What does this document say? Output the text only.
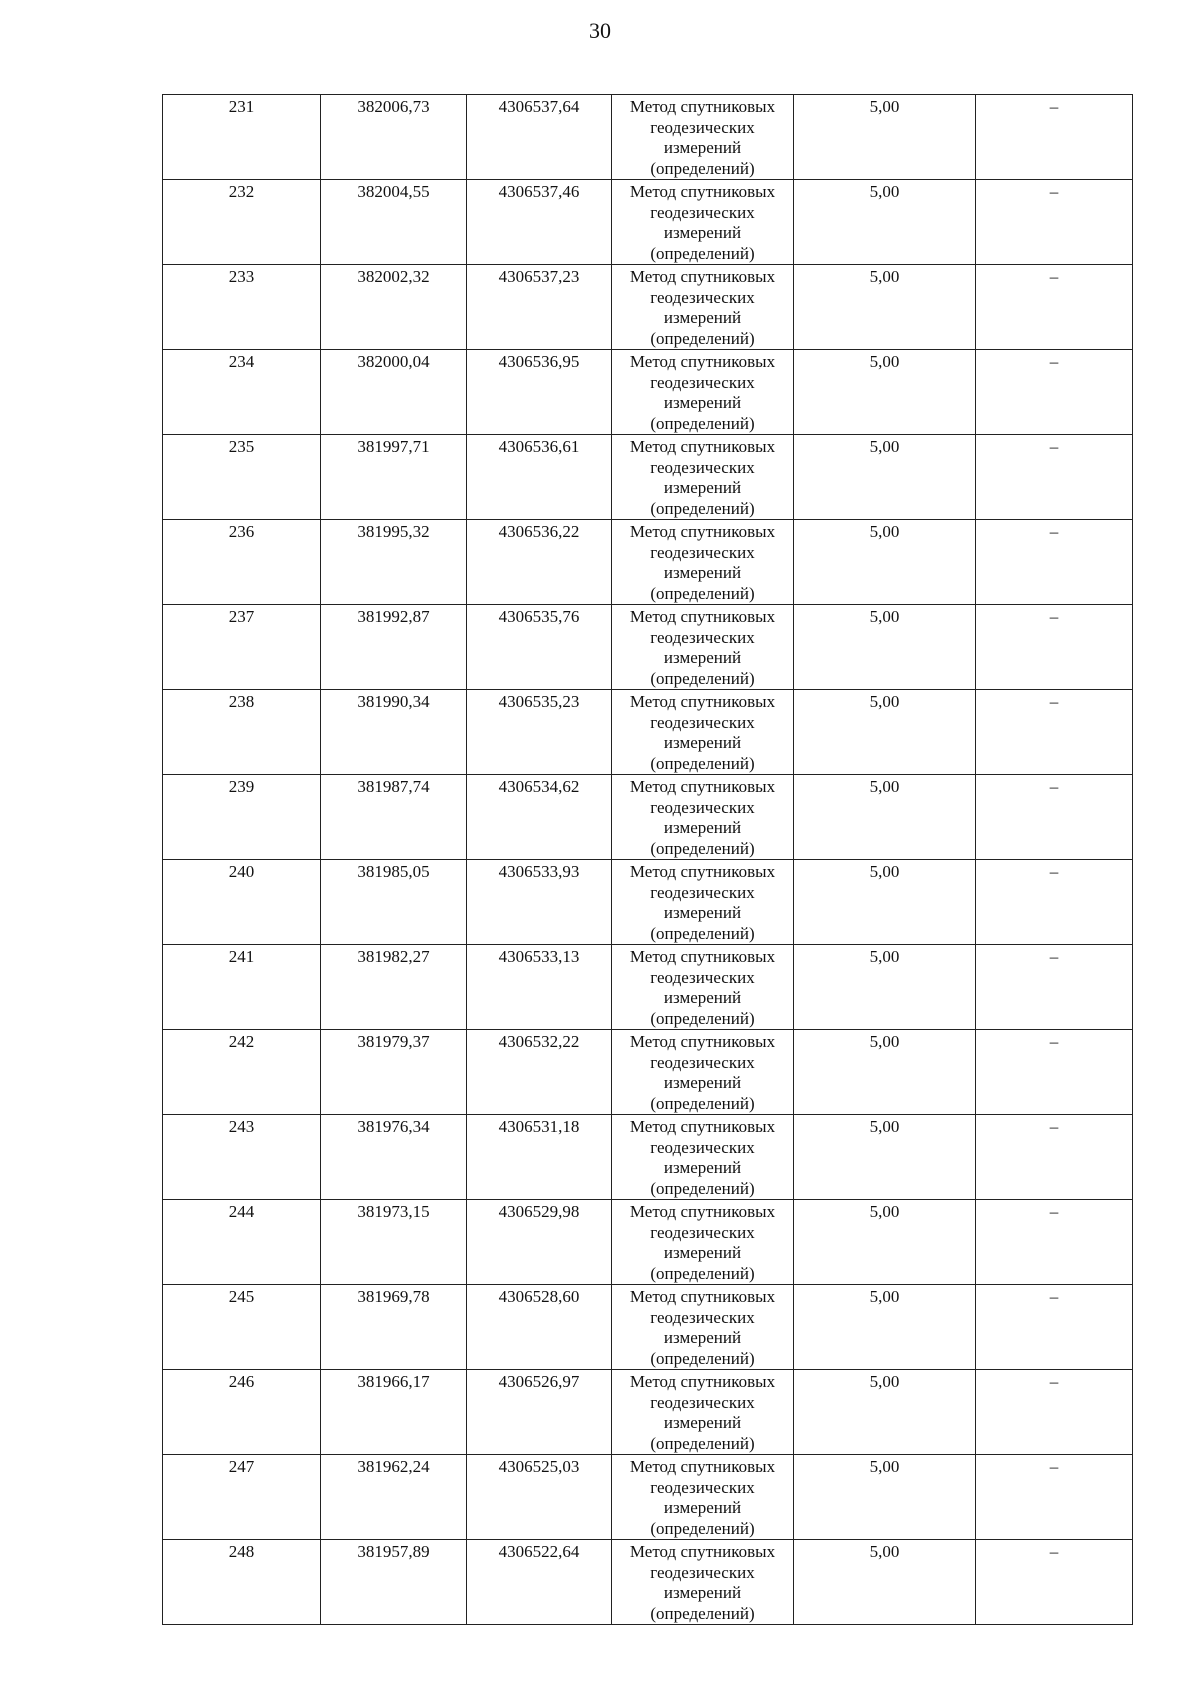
30
231	382006,73	4306537,64	Метод спутниковых
геодезических
измерений
(определений)	5,00	–
232	382004,55	4306537,46	Метод спутниковых
геодезических
измерений
(определений)	5,00	–
233	382002,32	4306537,23	Метод спутниковых
геодезических
измерений
(определений)	5,00	–
234	382000,04	4306536,95	Метод спутниковых
геодезических
измерений
(определений)	5,00	–
235	381997,71	4306536,61	Метод спутниковых
геодезических
измерений
(определений)	5,00	–
236	381995,32	4306536,22	Метод спутниковых
геодезических
измерений
(определений)	5,00	–
237	381992,87	4306535,76	Метод спутниковых
геодезических
измерений
(определений)	5,00	–
238	381990,34	4306535,23	Метод спутниковых
геодезических
измерений
(определений)	5,00	–
239	381987,74	4306534,62	Метод спутниковых
геодезических
измерений
(определений)	5,00	–
240	381985,05	4306533,93	Метод спутниковых
геодезических
измерений
(определений)	5,00	–
241	381982,27	4306533,13	Метод спутниковых
геодезических
измерений
(определений)	5,00	–
242	381979,37	4306532,22	Метод спутниковых
геодезических
измерений
(определений)	5,00	–
243	381976,34	4306531,18	Метод спутниковых
геодезических
измерений
(определений)	5,00	–
244	381973,15	4306529,98	Метод спутниковых
геодезических
измерений
(определений)	5,00	–
245	381969,78	4306528,60	Метод спутниковых
геодезических
измерений
(определений)	5,00	–
246	381966,17	4306526,97	Метод спутниковых
геодезических
измерений
(определений)	5,00	–
247	381962,24	4306525,03	Метод спутниковых
геодезических
измерений
(определений)	5,00	–
248	381957,89	4306522,64	Метод спутниковых
геодезических
измерений
(определений)	5,00	–
